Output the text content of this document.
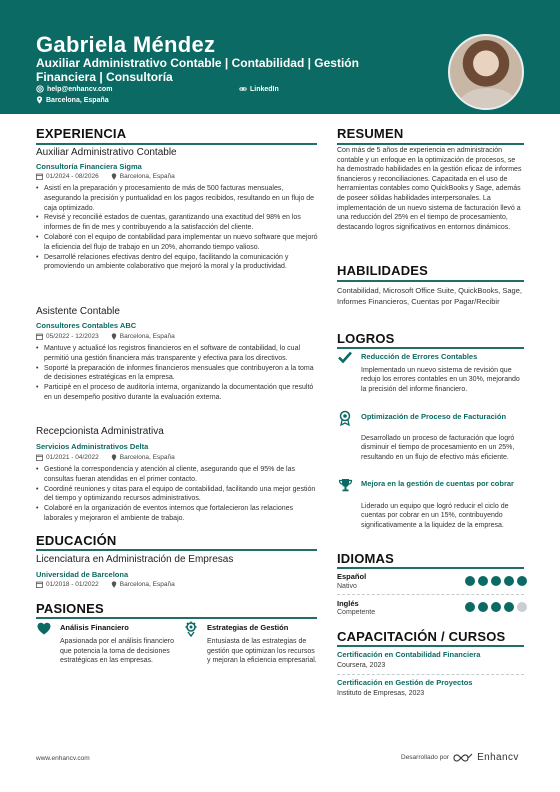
Gabriela Méndez
Auxiliar Administrativo Contable | Contabilidad | Gestión Financiera | Consultoría
help@enhancv.com	LinkedIn
Barcelona, España
EXPERIENCIA
Auxiliar Administrativo Contable
Consultoría Financiera Sigma
01/2024 - 08/2026	Barcelona, España
• Asistí en la preparación y procesamiento de más de 500 facturas mensuales, asegurando la precisión y puntualidad en los pagos recibidos, resultando en un flujo de caja optimizado.
• Revisé y reconcilié estados de cuentas, garantizando una exactitud del 98% en los informes de fin de mes y contribuyendo a la satisfacción del cliente.
• Colaboré con el equipo de contabilidad para implementar un nuevo software que mejoró la eficiencia del flujo de trabajo en un 20%, ahorrando tiempo valioso.
• Desarrollé relaciones efectivas dentro del equipo, facilitando la comunicación y promoviendo un ambiente colaborativo que mejoró la moral y la productividad.
Asistente Contable
Consultores Contables ABC
05/2022 - 12/2023	Barcelona, España
• Mantuve y actualicé los registros financieros en el software de contabilidad, lo cual permitió una gestión financiera más transparente y efectiva para los directivos.
• Soporté la preparación de informes financieros mensuales que contribuyeron a la toma de decisiones estratégicas en la empresa.
• Participé en el proceso de auditoría interna, organizando la documentación que resultó en un desempeño positivo durante la evaluación externa.
Recepcionista Administrativa
Servicios Administrativos Delta
01/2021 - 04/2022	Barcelona, España
• Gestioné la correspondencia y atención al cliente, asegurando que el 95% de las consultas fueran atendidas en el primer contacto.
• Coordiné reuniones y citas para el equipo de contabilidad, facilitando una mejor gestión del tiempo y optimizando recursos administrativos.
• Colaboré en la organización de eventos internos que fortalecieron las relaciones laborales y mejoraron el ambiente de trabajo.
EDUCACIÓN
Licenciatura en Administración de Empresas
Universidad de Barcelona
01/2018 - 01/2022	Barcelona, España
PASIONES
Análisis Financiero
Apasionada por el análisis financiero que potencia la toma de decisiones estratégicas en las empresas.
Estrategias de Gestión
Entusiasta de las estrategias de gestión que optimizan los recursos y mejoran la eficiencia empresarial.
RESUMEN
Con más de 5 años de experiencia en administración contable y un enfoque en la optimización de procesos, se ha demostrado habilidades en la gestión eficaz de informes financieros y reconciliaciones. Capacitada en el uso de herramientas contables como QuickBooks y Sage, además de poseer sólidas habilidades interpersonales. La implementación de un nuevo sistema de facturación llevó a una reducción del 25% en el tiempo de procesamiento, destacando logros significativos en entornos dinámicos.
HABILIDADES
Contabilidad, Microsoft Office Suite, QuickBooks, Sage, Informes Financieros, Cuentas por Pagar/Recibir
LOGROS
Reducción de Errores Contables
Implementado un nuevo sistema de revisión que redujo los errores contables en un 30%, mejorando la precisión del informe financiero.
Optimización de Proceso de Facturación
Desarrollado un proceso de facturación que logró disminuir el tiempo de procesamiento en un 25%, resultando en un flujo de efectivo más eficiente.
Mejora en la gestión de cuentas por cobrar
Liderado un equipo que logró reducir el ciclo de cuentas por cobrar en un 15%, contribuyendo significativamente a la liquidez de la empresa.
IDIOMAS
Español
Nativo
Inglés
Competente
CAPACITACIÓN / CURSOS
Certificación en Contabilidad Financiera
Coursera, 2023
Certificación en Gestión de Proyectos
Instituto de Empresas, 2023
www.enhancv.com	Desarrollado por	Enhancv
